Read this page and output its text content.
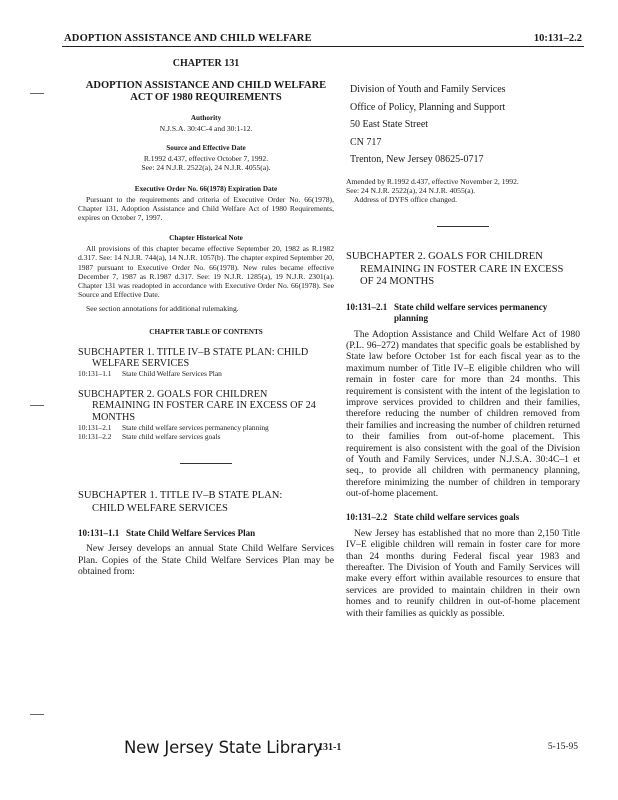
ADOPTION ASSISTANCE AND CHILD WELFARE	10:131–2.2
CHAPTER 131
ADOPTION ASSISTANCE AND CHILD WELFARE
ACT OF 1980 REQUIREMENTS
Authority
N.J.S.A. 30:4C-4 and 30:1-12.
Source and Effective Date
R.1992 d.437, effective October 7, 1992.
See: 24 N.J.R. 2522(a), 24 N.J.R. 4055(a).
Executive Order No. 66(1978) Expiration Date
Pursuant to the requirements and criteria of Executive Order No. 66(1978), Chapter 131, Adoption Assistance and Child Welfare Act of 1980 Requirements, expires on October 7, 1997.
Chapter Historical Note
All provisions of this chapter became effective September 20, 1982 as R.1982 d.317. See: 14 N.J.R. 744(a), 14 N.J.R. 1057(b). The chapter expired September 20, 1987 pursuant to Executive Order No. 66(1978). New rules became effective December 7, 1987 as R.1987 d.317. See: 19 N.J.R. 1285(a), 19 N.J.R. 2301(a). Chapter 131 was readopted in accordance with Executive Order No. 66(1978). See Source and Effective Date.
See section annotations for additional rulemaking.
CHAPTER TABLE OF CONTENTS
SUBCHAPTER 1. TITLE IV–B STATE PLAN: CHILD
WELFARE SERVICES
10:131–1.1	State Child Welfare Services Plan
SUBCHAPTER 2. GOALS FOR CHILDREN
REMAINING IN FOSTER CARE IN EXCESS OF 24
MONTHS
10:131–2.1	State child welfare services permanency planning
10:131–2.2	State child welfare services goals
SUBCHAPTER 1. TITLE IV–B STATE PLAN:
CHILD WELFARE SERVICES
10:131–1.1 State Child Welfare Services Plan
New Jersey develops an annual State Child Welfare Services Plan. Copies of the State Child Welfare Services Plan may be obtained from:
Division of Youth and Family Services
Office of Policy, Planning and Support
50 East State Street
CN 717
Trenton, New Jersey 08625-0717
Amended by R.1992 d.437, effective November 2, 1992.
See: 24 N.J.R. 2522(a), 24 N.J.R. 4055(a).
Address of DYFS office changed.
SUBCHAPTER 2. GOALS FOR CHILDREN
REMAINING IN FOSTER CARE IN EXCESS
OF 24 MONTHS
10:131–2.1 State child welfare services permanency planning
The Adoption Assistance and Child Welfare Act of 1980 (P.L. 96–272) mandates that specific goals be established by State law before October 1st for each fiscal year as to the maximum number of Title IV–E eligible children who will remain in foster care for more than 24 months. This requirement is consistent with the intent of the legislation to improve services provided to children and their families, therefore reducing the number of children removed from their families and increasing the number of children returned to their families from out-of-home placement. This requirement is also consistent with the goal of the Division of Youth and Family Services, under N.J.S.A. 30:4C–1 et seq., to provide all children with permanency planning, therefore minimizing the number of children in temporary out-of-home placement.
10:131–2.2 State child welfare services goals
New Jersey has established that no more than 2,150 Title IV–E eligible children will remain in foster care for more than 24 months during Federal fiscal year 1983 and thereafter. The Division of Youth and Family Services will make every effort within available resources to ensure that services are provided to maintain children in their own homes and to reunify children in out-of-home placement with their families as quickly as possible.
New Jersey State Library
131-1	5-15-95
